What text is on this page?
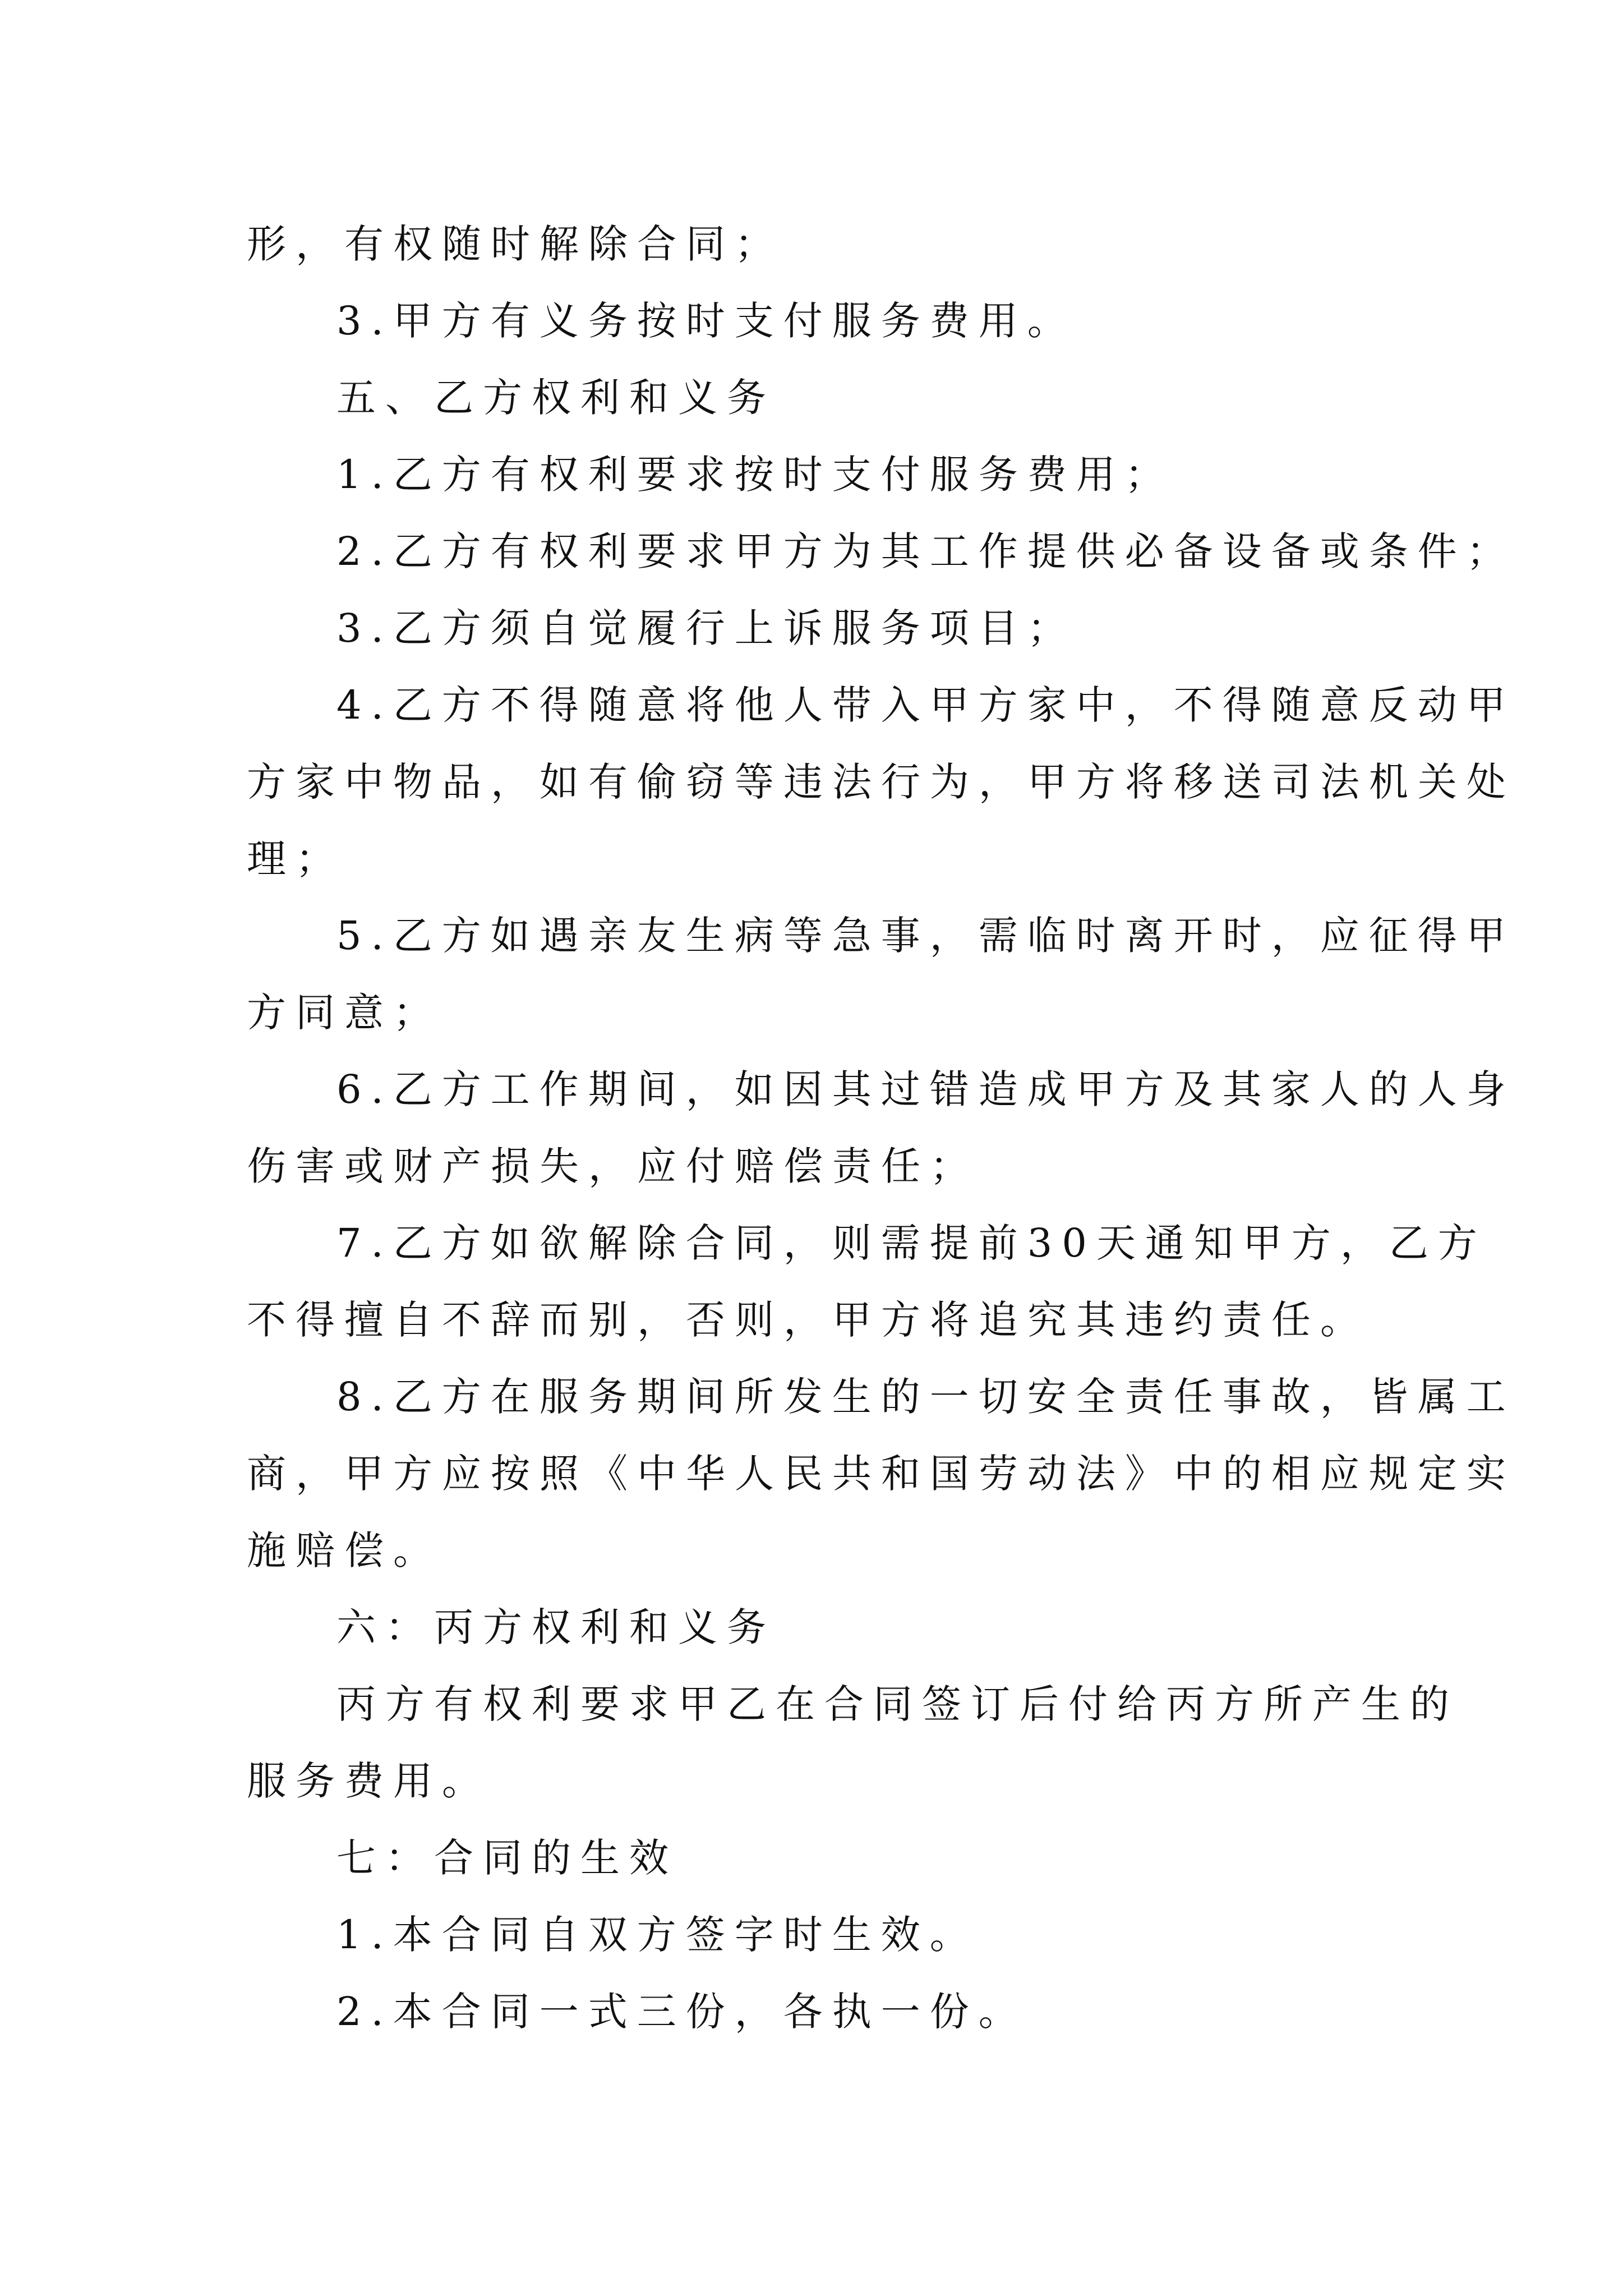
形，有权随时解除合同；

3.甲方有义务按时支付服务费用。

五、乙方权利和义务

1.乙方有权利要求按时支付服务费用；

2.乙方有权利要求甲方为其工作提供必备设备或条件；

3.乙方须自觉履行上诉服务项目；

4.乙方不得随意将他人带入甲方家中，不得随意反动甲

方家中物品，如有偷窃等违法行为，甲方将移送司法机关处

理；

5.乙方如遇亲友生病等急事，需临时离开时，应征得甲

方同意；

6.乙方工作期间，如因其过错造成甲方及其家人的人身

伤害或财产损失，应付赔偿责任；

7.乙方如欲解除合同，则需提前30天通知甲方，乙方

不得擅自不辞而别，否则，甲方将追究其违约责任。

8.乙方在服务期间所发生的一切安全责任事故，皆属工

商，甲方应按照《中华人民共和国劳动法》中的相应规定实

施赔偿。

六：丙方权利和义务

丙方有权利要求甲乙在合同签订后付给丙方所产生的

服务费用。

七：合同的生效

1.本合同自双方签字时生效。

2.本合同一式三份，各执一份。
